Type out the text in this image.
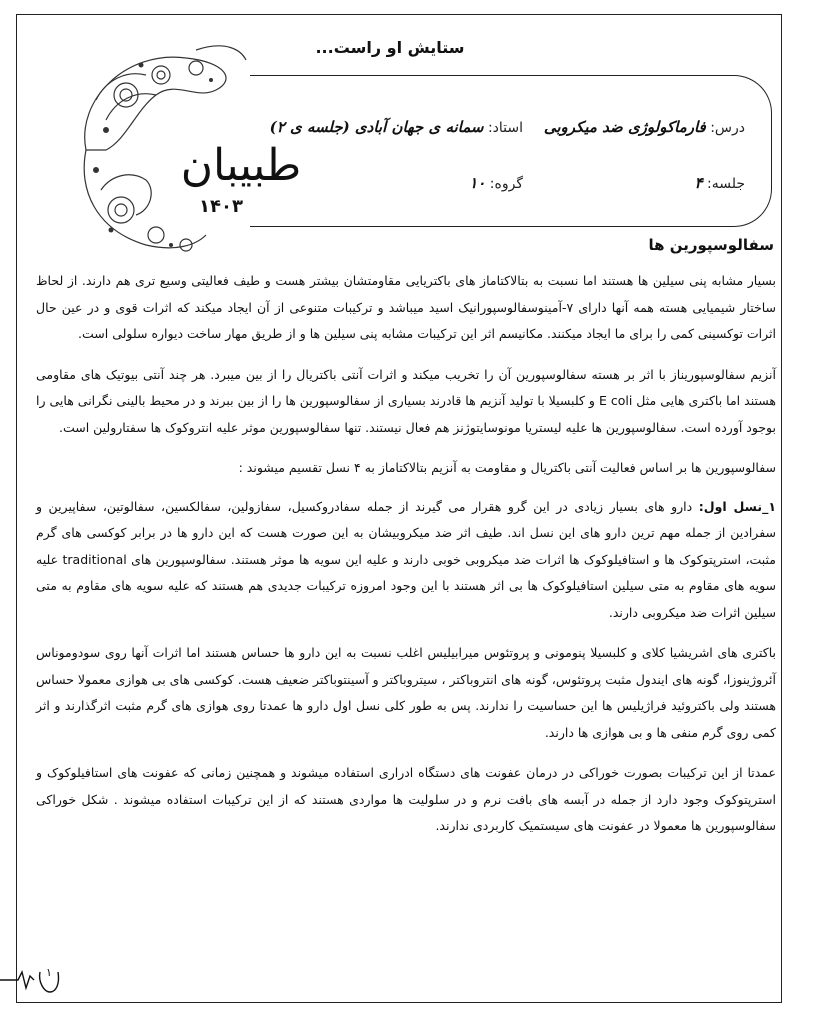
ستایش او راست...
طبیبان
۱۴۰۳
درس: فارماکولوژی ضد میکروبی
استاد: سمانه ی جهان آبادی (جلسه ی ۲)
جلسه: ۴
گروه: ۱۰
سفالوسپورین ها

بسیار مشابه پنی سیلین ها هستند اما نسبت به بتالاکتاماز های باکتریایی مقاومتشان بیشتر هست و طیف فعالیتی وسیع تری هم دارند. از لحاظ ساختار شیمیایی هسته همه آنها دارای ۷-آمینوسفالوسپورانیک اسید میباشد و ترکیبات متنوعی از آن ایجاد میکند که اثرات قوی و در عین حال اثرات توکسینی کمی را برای ما ایجاد میکنند. مکانیسم اثر این ترکیبات مشابه پنی سیلین ها و از طریق مهار ساخت دیواره سلولی است.

آنزیم سفالوسپوریناز با اثر بر هسته سفالوسپورین آن را تخریب میکند و اثرات آنتی باکتریال را از بین میبرد. هر چند آنتی بیوتیک های مقاومی هستند اما باکتری هایی مثل E coli و کلبسیلا با تولید آنزیم ها قادرند بسیاری از سفالوسپورین ها را از بین ببرند و در محیط بالینی نگرانی هایی را بوجود آورده است. سفالوسپورین ها علیه لیستریا مونوسایتوژنز هم فعال نیستند. تنها سفالوسپورین موثر علیه انتروکوک ها سفتارولین است.

سفالوسپورین ها بر اساس فعالیت آنتی باکتریال و مقاومت به آنزیم بتالاکتاماز به ۴ نسل تقسیم میشوند :

۱_نسل اول: دارو های بسیار زیادی در این گرو هقرار می گیرند از جمله سفادروکسیل، سفازولین، سفالکسین، سفالوتین، سفاپیرین و سفرادین از جمله مهم ترین دارو های این نسل اند. طیف اثر ضد میکروبیشان به این صورت هست که این دارو ها در برابر کوکسی های گرم مثبت، استرپتوکوک ها و استافیلوکوک ها اثرات ضد میکروبی خوبی دارند و علیه این سویه ها موثر هستند. سفالوسپورین های traditional علیه سویه های مقاوم به متی سیلین استافیلوکوک ها بی اثر هستند با این وجود امروزه ترکیبات جدیدی هم هستند که علیه سویه های مقاوم به متی سیلین اثرات ضد میکروبی دارند.

باکتری های اشریشیا کلای و کلبسیلا پنومونی و پروتئوس میرابیلیس اغلب نسبت به این دارو ها حساس هستند اما اثرات آنها روی سودوموناس آئروژینوزا، گونه های ایندول مثبت پروتئوس، گونه های انتروباکتر ، سیتروباکتر و آسینتوباکتر ضعیف هست. کوکسی های بی هوازی معمولا حساس هستند ولی باکتروئید فراژیلیس ها این حساسیت را ندارند. پس به طور کلی نسل اول دارو ها عمدتا روی هوازی های گرم مثبت اثرگذارند و اثر کمی روی گرم منفی ها و بی هوازی ها دارند.

عمدتا از این ترکیبات بصورت خوراکی در درمان عفونت های دستگاه ادراری استفاده میشوند و همچنین زمانی که عفونت های استافیلوکوک و استرپتوکوک وجود دارد از جمله در آبسه های بافت نرم و در سلولیت ها مواردی هستند که از این ترکیبات استفاده میشوند . شکل خوراکی سفالوسپورین ها معمولا در عفونت های سیستمیک کاربردی ندارند.

۱
